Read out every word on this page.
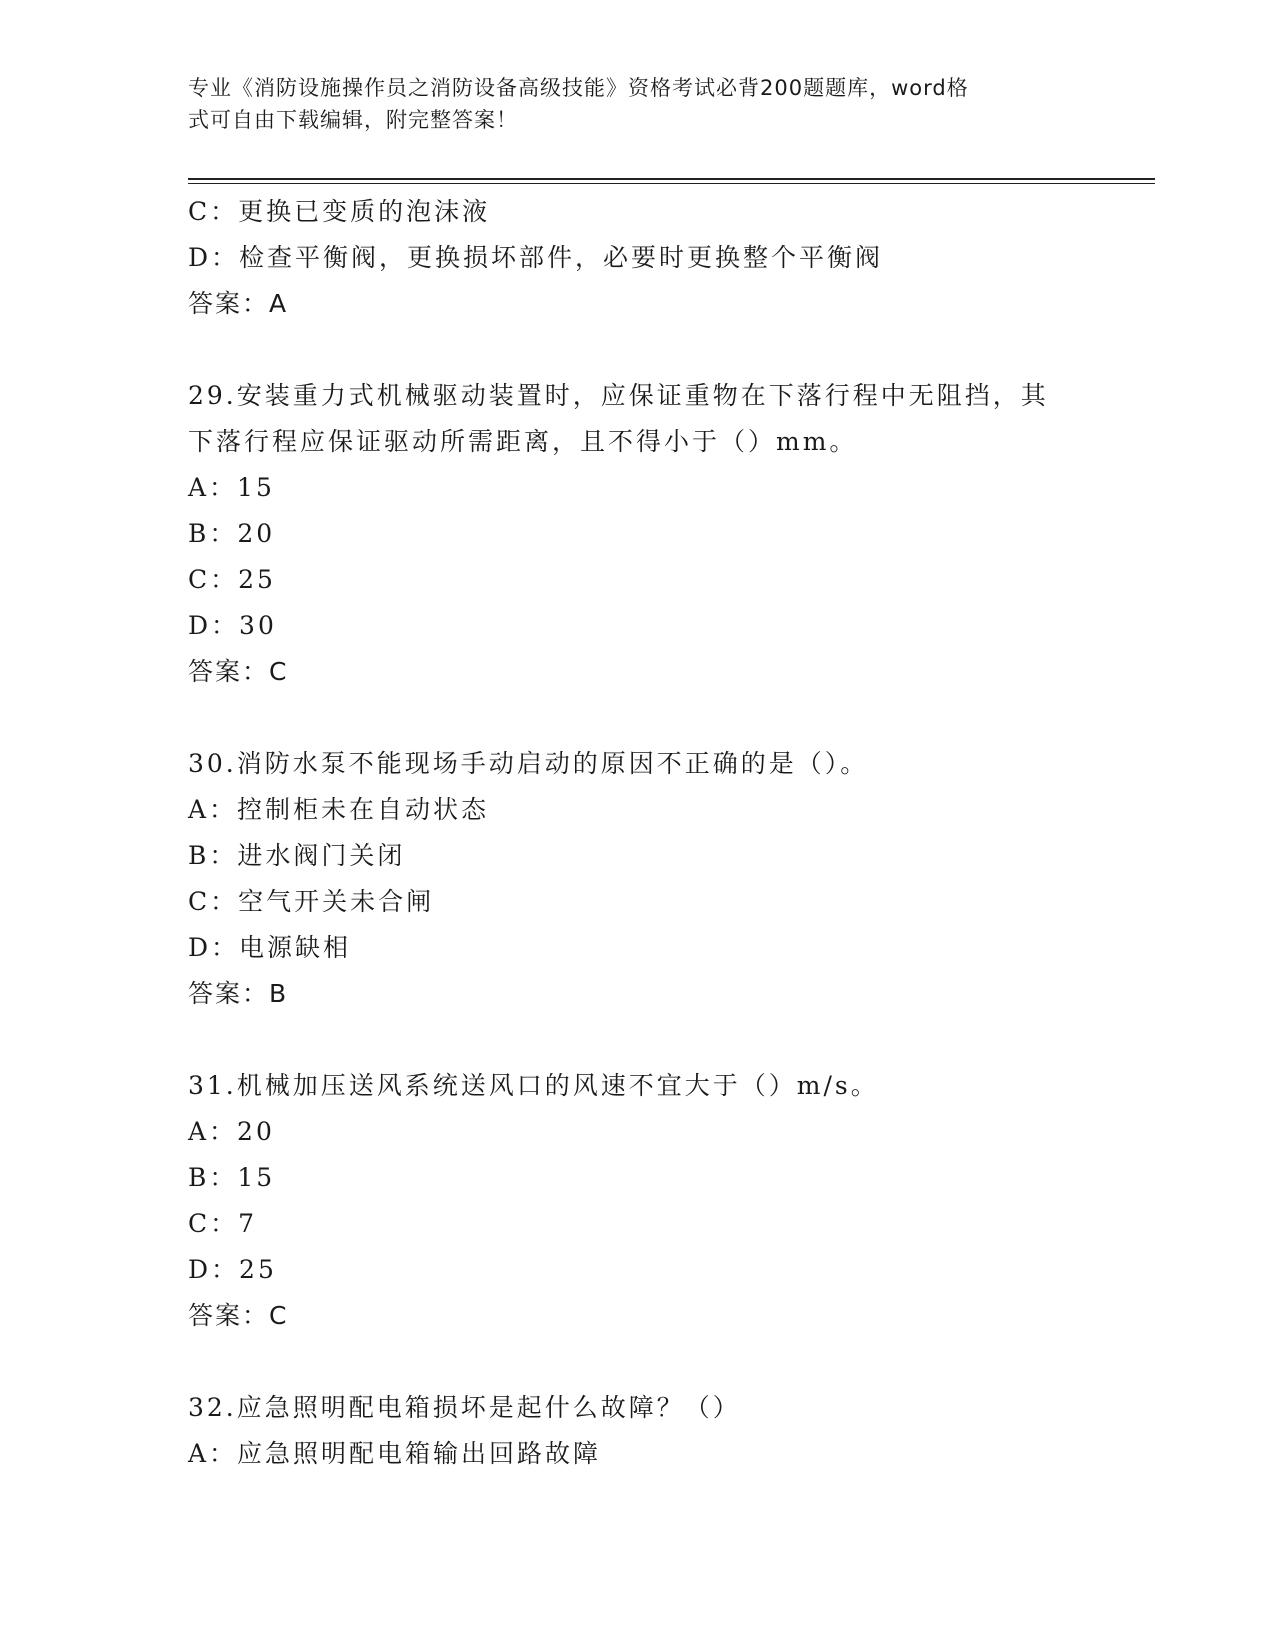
专业《消防设施操作员之消防设备高级技能》资格考试必背200题题库，word格
式可自由下载编辑，附完整答案！
C：更换已变质的泡沫液
D：检查平衡阀，更换损坏部件，必要时更换整个平衡阀
答案：A
29.安装重力式机械驱动装置时，应保证重物在下落行程中无阻挡，其
下落行程应保证驱动所需距离，且不得小于（）mm。
A：15
B：20
C：25
D：30
答案：C
30.消防水泵不能现场手动启动的原因不正确的是（）。
A：控制柜未在自动状态
B：进水阀门关闭
C：空气开关未合闸
D：电源缺相
答案：B
31.机械加压送风系统送风口的风速不宜大于（）m/s。
A：20
B：15
C：7
D：25
答案：C
32.应急照明配电箱损坏是起什么故障？（）
A：应急照明配电箱输出回路故障
